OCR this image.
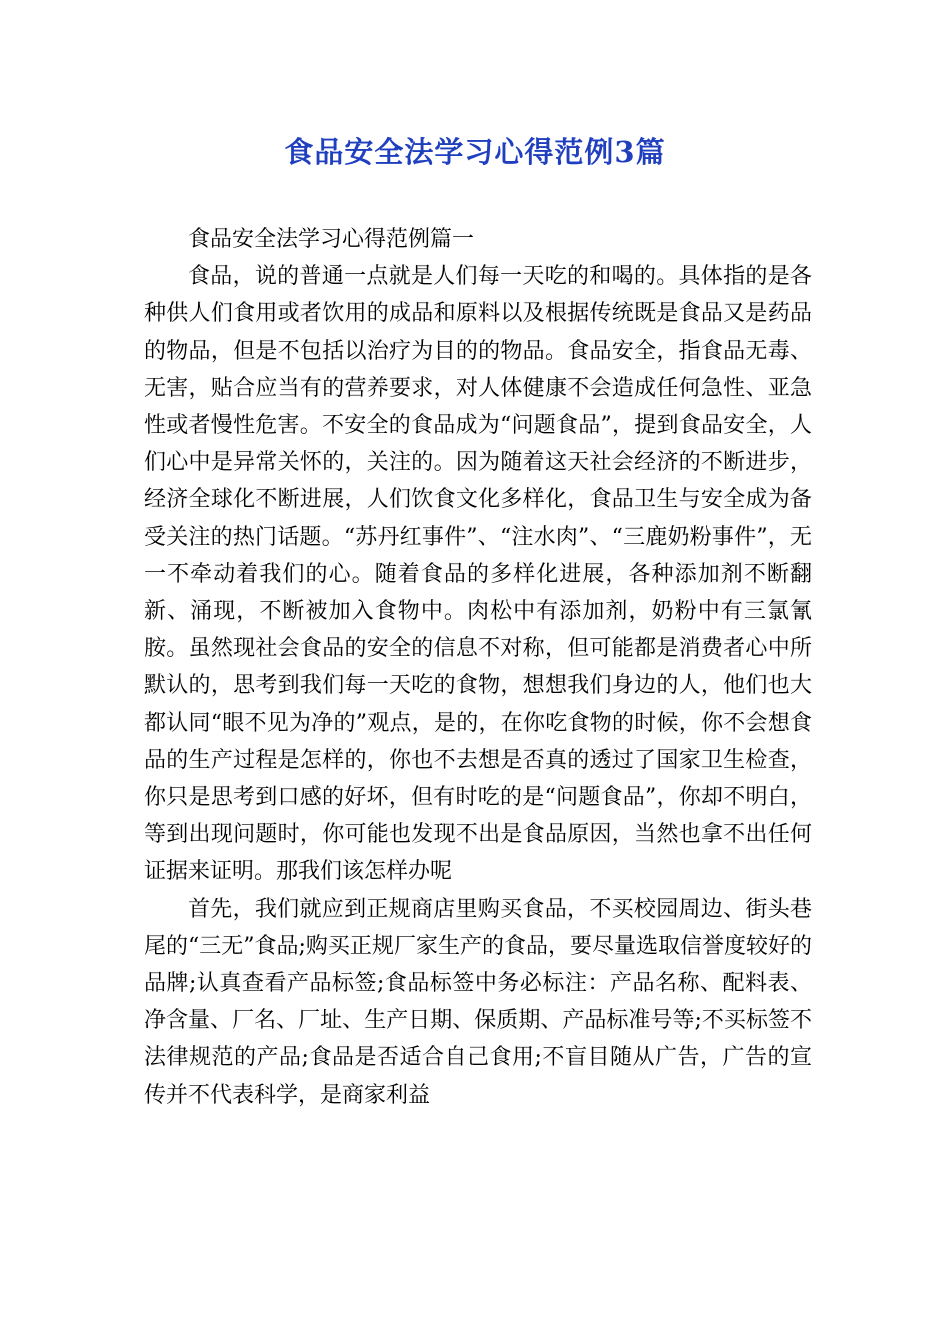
食品安全法学习心得范例3篇

食品安全法学习心得范例篇一

食品，说的普通一点就是人们每一天吃的和喝的。具体指的是各种供人们食用或者饮用的成品和原料以及根据传统既是食品又是药品的物品，但是不包括以治疗为目的的物品。食品安全，指食品无毒、无害，贴合应当有的营养要求，对人体健康不会造成任何急性、亚急性或者慢性危害。不安全的食品成为“问题食品”，提到食品安全，人们心中是异常关怀的，关注的。因为随着这天社会经济的不断进步，经济全球化不断进展，人们饮食文化多样化，食品卫生与安全成为备受关注的热门话题。“苏丹红事件”、“注水肉”、“三鹿奶粉事件”，无一不牵动着我们的心。随着食品的多样化进展，各种添加剂不断翻新、涌现，不断被加入食物中。肉松中有添加剂，奶粉中有三氯氰胺。虽然现社会食品的安全的信息不对称，但可能都是消费者心中所默认的，思考到我们每一天吃的食物，想想我们身边的人，他们也大都认同“眼不见为净的”观点，是的，在你吃食物的时候，你不会想食品的生产过程是怎样的，你也不去想是否真的透过了国家卫生检查，你只是思考到口感的好坏，但有时吃的是“问题食品”，你却不明白，等到出现问题时，你可能也发现不出是食品原因，当然也拿不出任何证据来证明。那我们该怎样办呢

首先，我们就应到正规商店里购买食品，不买校园周边、街头巷尾的“三无”食品;购买正规厂家生产的食品，要尽量选取信誉度较好的品牌;认真查看产品标签;食品标签中务必标注：产品名称、配料表、净含量、厂名、厂址、生产日期、保质期、产品标准号等;不买标签不法律规范的产品;食品是否适合自己食用;不盲目随从广告，广告的宣传并不代表科学，是商家利益
